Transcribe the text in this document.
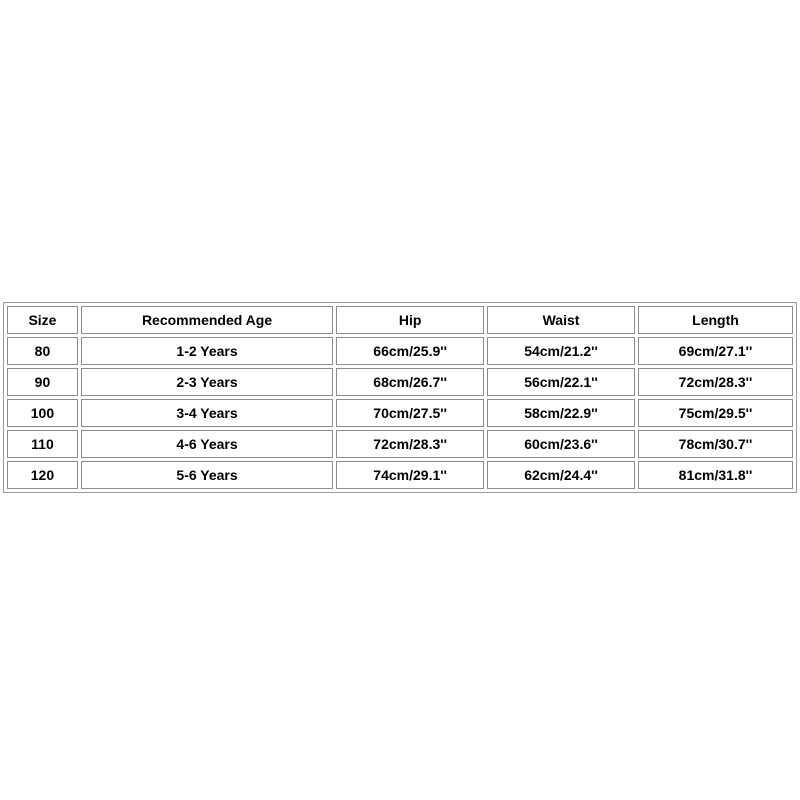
Size	Recommended Age	Hip	Waist	Length
80	1-2 Years	66cm/25.9''	54cm/21.2''	69cm/27.1''
90	2-3 Years	68cm/26.7''	56cm/22.1''	72cm/28.3''
100	3-4 Years	70cm/27.5''	58cm/22.9''	75cm/29.5''
110	4-6 Years	72cm/28.3''	60cm/23.6''	78cm/30.7''
120	5-6 Years	74cm/29.1''	62cm/24.4''	81cm/31.8''
